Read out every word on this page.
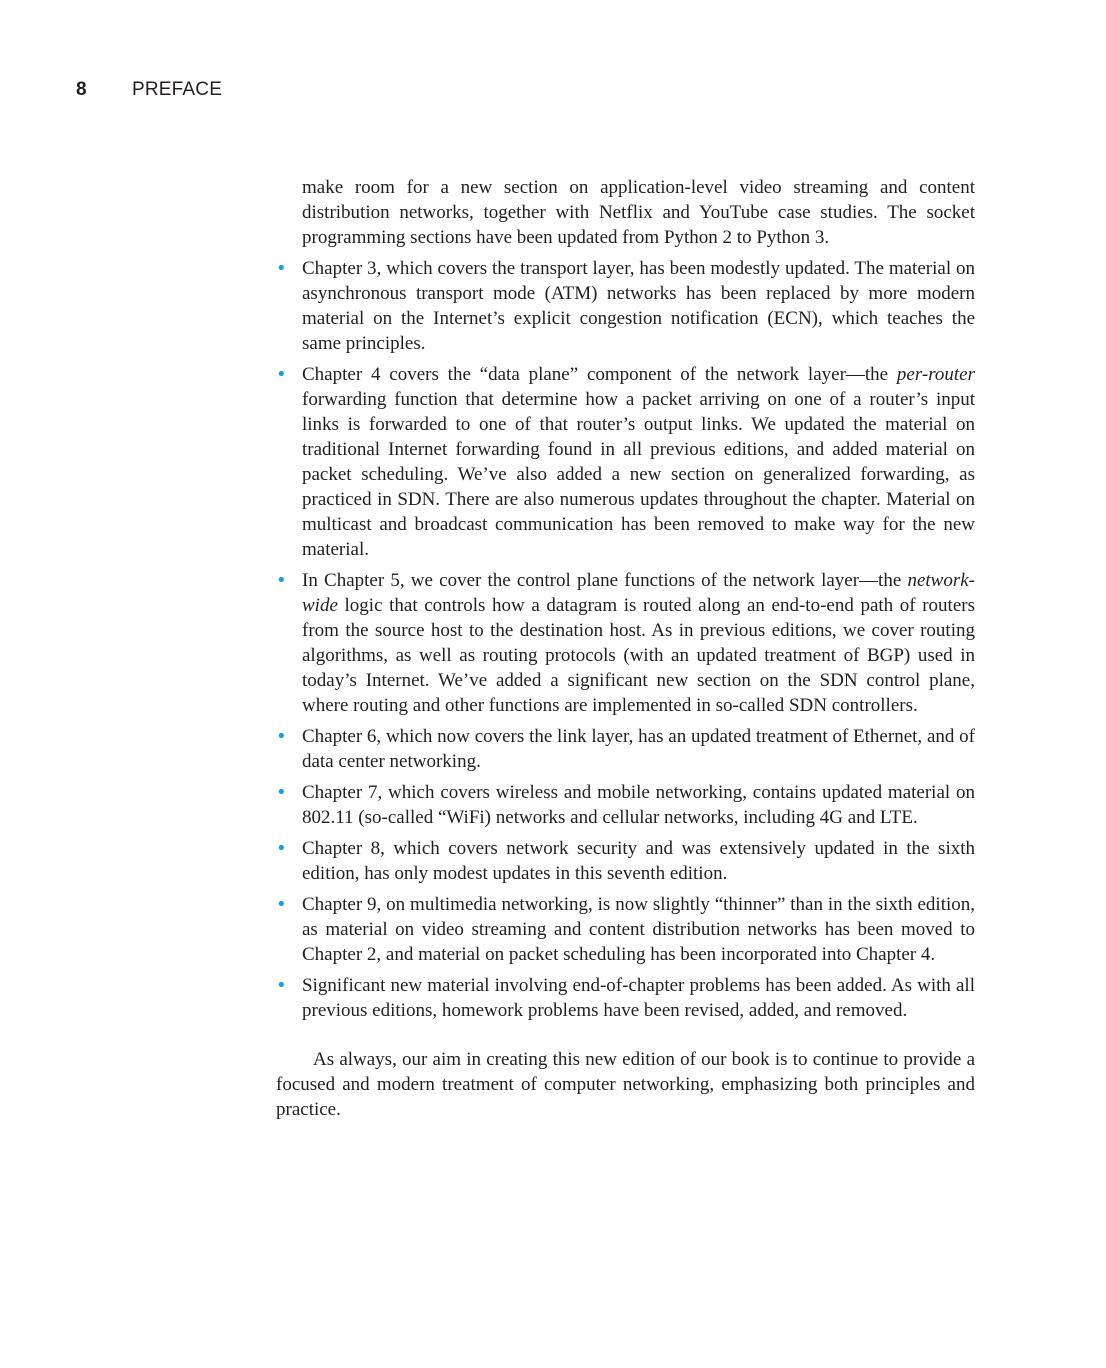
8 PREFACE

make room for a new section on application-level video streaming and content distribution networks, together with Netflix and YouTube case studies. The socket programming sections have been updated from Python 2 to Python 3.

• Chapter 3, which covers the transport layer, has been modestly updated. The material on asynchronous transport mode (ATM) networks has been replaced by more modern material on the Internet’s explicit congestion notification (ECN), which teaches the same principles.
• Chapter 4 covers the “data plane” component of the network layer—the per-router forwarding function that determine how a packet arriving on one of a router’s input links is forwarded to one of that router’s output links. We updated the material on traditional Internet forwarding found in all previous editions, and added material on packet scheduling. We’ve also added a new section on generalized forwarding, as practiced in SDN. There are also numerous updates throughout the chapter. Material on multicast and broadcast communication has been removed to make way for the new material.
• In Chapter 5, we cover the control plane functions of the network layer—the network-wide logic that controls how a datagram is routed along an end-to-end path of routers from the source host to the destination host. As in previous editions, we cover routing algorithms, as well as routing protocols (with an updated treatment of BGP) used in today’s Internet. We’ve added a significant new section on the SDN control plane, where routing and other functions are implemented in so-called SDN controllers.
• Chapter 6, which now covers the link layer, has an updated treatment of Ethernet, and of data center networking.
• Chapter 7, which covers wireless and mobile networking, contains updated material on 802.11 (so-called “WiFi) networks and cellular networks, including 4G and LTE.
• Chapter 8, which covers network security and was extensively updated in the sixth edition, has only modest updates in this seventh edition.
• Chapter 9, on multimedia networking, is now slightly “thinner” than in the sixth edition, as material on video streaming and content distribution networks has been moved to Chapter 2, and material on packet scheduling has been incorporated into Chapter 4.
• Significant new material involving end-of-chapter problems has been added. As with all previous editions, homework problems have been revised, added, and removed.

As always, our aim in creating this new edition of our book is to continue to provide a focused and modern treatment of computer networking, emphasizing both principles and practice.
